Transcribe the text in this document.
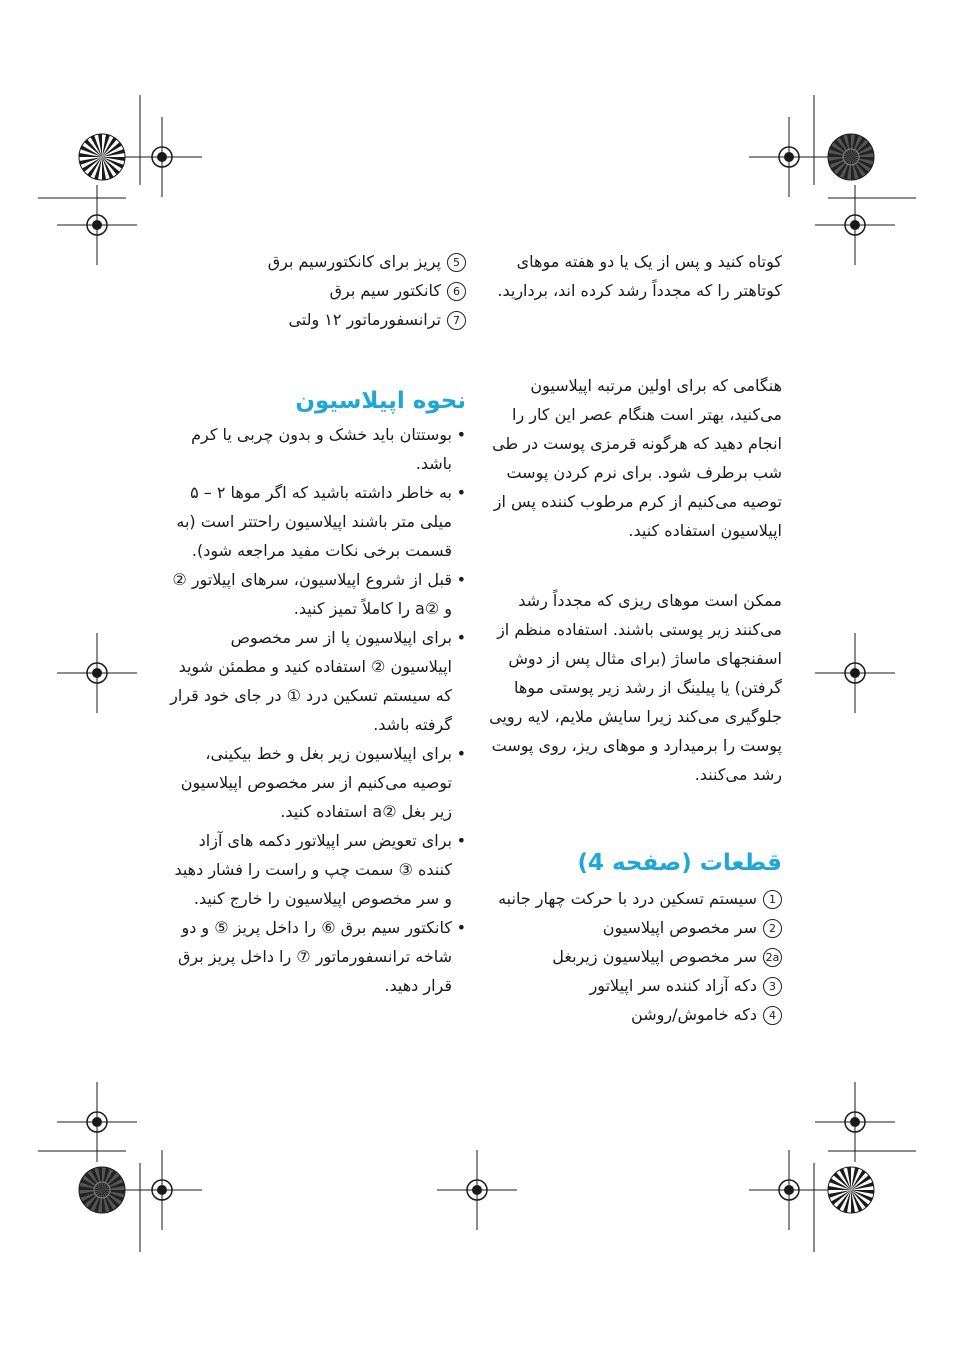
کوتاه کنید و پس از یک یا دو هفته موهای کوتاهتر را که مجدداً رشد کرده اند، بردارید.

هنگامی که برای اولین مرتبه اپیلاسیون می‌کنید، بهتر است هنگام عصر این کار را انجام دهید که هرگونه قرمزی پوست در طی شب برطرف شود. برای نرم کردن پوست توصیه می‌کنیم از کرم مرطوب کننده پس از اپیلاسیون استفاده کنید.

ممکن است موهای ریزی که مجدداً رشد می‌کنند زیر پوستی باشند. استفاده منظم از اسفنجهای ماساژ (برای مثال پس از دوش گرفتن) یا پیلینگ از رشد زیر پوستی موها جلوگیری می‌کند زیرا سایش ملایم، لایه رویی پوست را برمیدارد و موهای ریز، روی پوست رشد می‌کنند.

قطعات (صفحه 4)
1سیستم تسکین درد با حرکت چهار جانبه
2سر مخصوص اپیلاسیون
2aسر مخصوص اپیلاسیون زیربغل
3دکه آزاد کننده سر اپیلاتور
4دکه خاموش/روشن
5پریز برای کانکتورسیم برق
6کانکتور سیم برق
7ترانسفورماتور ۱۲ ولتی
نحوه اپیلاسیون
• بوستتان باید خشک و بدون چربی یا کرم باشد.
• به خاطر داشته باشید که اگر موها ۲ – ۵ میلی متر باشند اپیلاسیون راحتتر است (به قسمت برخی نکات مفید مراجعه شود).
• قبل از شروع اپیلاسیون، سرهای اپیلاتور ② و ②a را کاملاً تمیز کنید.
• برای اپیلاسیون پا از سر مخصوص اپیلاسیون ② استفاده کنید و مطمئن شوید که سیستم تسکین درد ① در جای خود قرار گرفته باشد.
• برای اپیلاسیون زیر بغل و خط بیکینی، توصیه می‌کنیم از سر مخصوص اپیلاسیون زیر بغل ②a استفاده کنید.
• برای تعویض سر اپیلاتور دکمه های آزاد کننده ③ سمت چپ و راست را فشار دهید و سر مخصوص اپیلاسیون را خارج کنید.
• کانکتور سیم برق ⑥ را داخل پریز ⑤ و دو شاخه ترانسفورماتور ⑦ را داخل پریز برق قرار دهید.
